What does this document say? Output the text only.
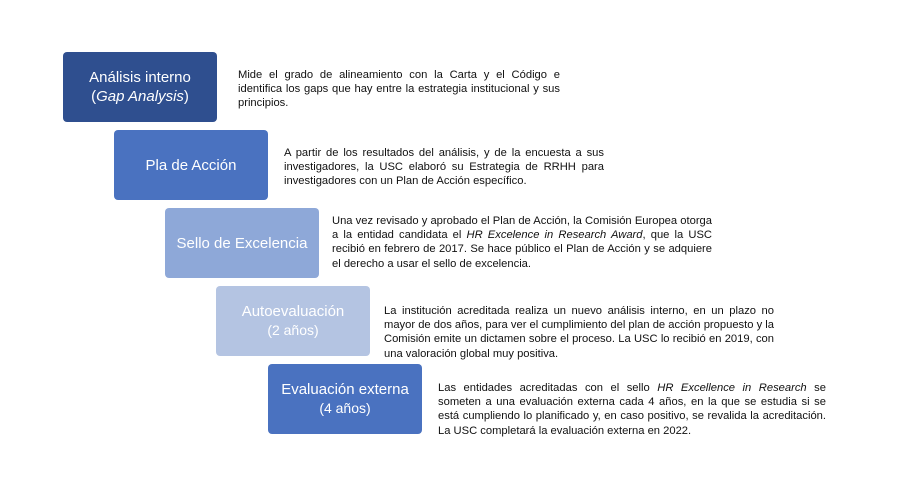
Análisis interno
(Gap Analysis)
Mide el grado de alineamiento con la Carta y el Código e identifica los gaps que hay entre la estrategia institucional y sus principios.
Pla de Acción
A partir de los resultados del análisis, y de la encuesta a sus investigadores, la USC elaboró su Estrategia de RRHH para investigadores con un Plan de Acción específico.
Sello de Excelencia
Una vez revisado y aprobado el Plan de Acción, la Comisión Europea otorga a la entidad candidata el HR Excelence in Research Award, que la USC recibió en febrero de 2017. Se hace público el Plan de Acción y se adquiere el derecho a usar el sello de excelencia.
Autoevaluación
(2 años)
La institución acreditada realiza un nuevo análisis interno, en un plazo no mayor de dos años, para ver el cumplimiento del plan de acción propuesto y la Comisión emite un dictamen sobre el proceso. La USC lo recibió en 2019, con una valoración global muy positiva.
Evaluación externa
(4 años)
Las entidades acreditadas con el sello HR Excellence in Research se someten a una evaluación externa cada 4 años, en la que se estudia si se está cumpliendo lo planificado y, en caso positivo, se revalida la acreditación. La USC completará la evaluación externa en 2022.
